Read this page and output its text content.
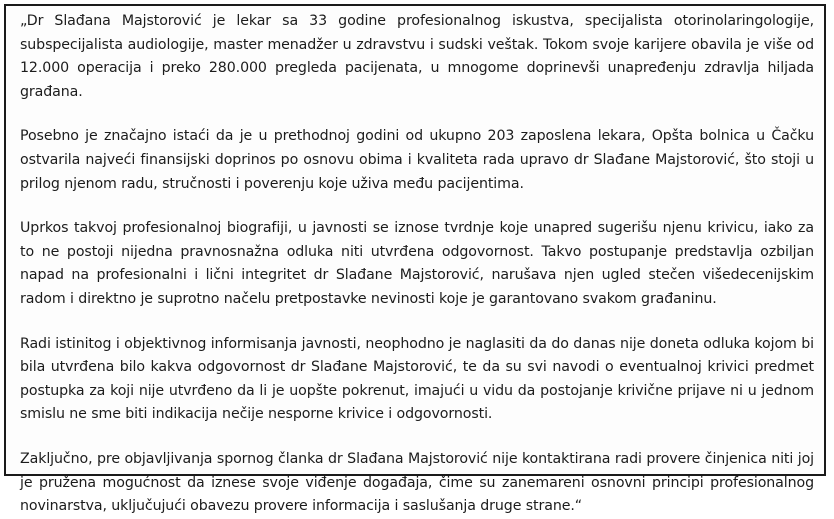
„Dr Slađana Majstorović je lekar sa 33 godine profesionalnog iskustva, specijalista otorinolaringologije, subspecijalista audiologije, master menadžer u zdravstvu i sudski veštak. Tokom svoje karijere obavila je više od 12.000 operacija i preko 280.000 pregleda pacijenata, u mnogome doprinevši unapređenju zdravlja hiljada građana.

Posebno je značajno istaći da je u prethodnoj godini od ukupno 203 zaposlena lekara, Opšta bolnica u Čačku ostvarila najveći finansijski doprinos po osnovu obima i kvaliteta rada upravo dr Slađane Majstorović, što stoji u prilog njenom radu, stručnosti i poverenju koje uživa među pacijentima.

Uprkos takvoj profesionalnoj biografiji, u javnosti se iznose tvrdnje koje unapred sugerišu njenu krivicu, iako za to ne postoji nijedna pravnosnažna odluka niti utvrđena odgovornost. Takvo postupanje predstavlja ozbiljan napad na profesionalni i lični integritet dr Slađane Majstorović, narušava njen ugled stečen višedecenijskim radom i direktno je suprotno načelu pretpostavke nevinosti koje je garantovano svakom građaninu.

Radi istinitog i objektivnog informisanja javnosti, neophodno je naglasiti da do danas nije doneta odluka kojom bi bila utvrđena bilo kakva odgovornost dr Slađane Majstorović, te da su svi navodi o eventualnoj krivici predmet postupka za koji nije utvrđeno da li je uopšte pokrenut, imajući u vidu da postojanje krivične prijave ni u jednom smislu ne sme biti indikacija nečije nesporne krivice i odgovornosti.

Zaključno, pre objavljivanja spornog članka dr Slađana Majstorović nije kontaktirana radi provere činjenica niti joj je pružena mogućnost da iznese svoje viđenje događaja, čime su zanemareni osnovni principi profesionalnog novinarstva, uključujući obavezu provere informacija i saslušanja druge strane.“
